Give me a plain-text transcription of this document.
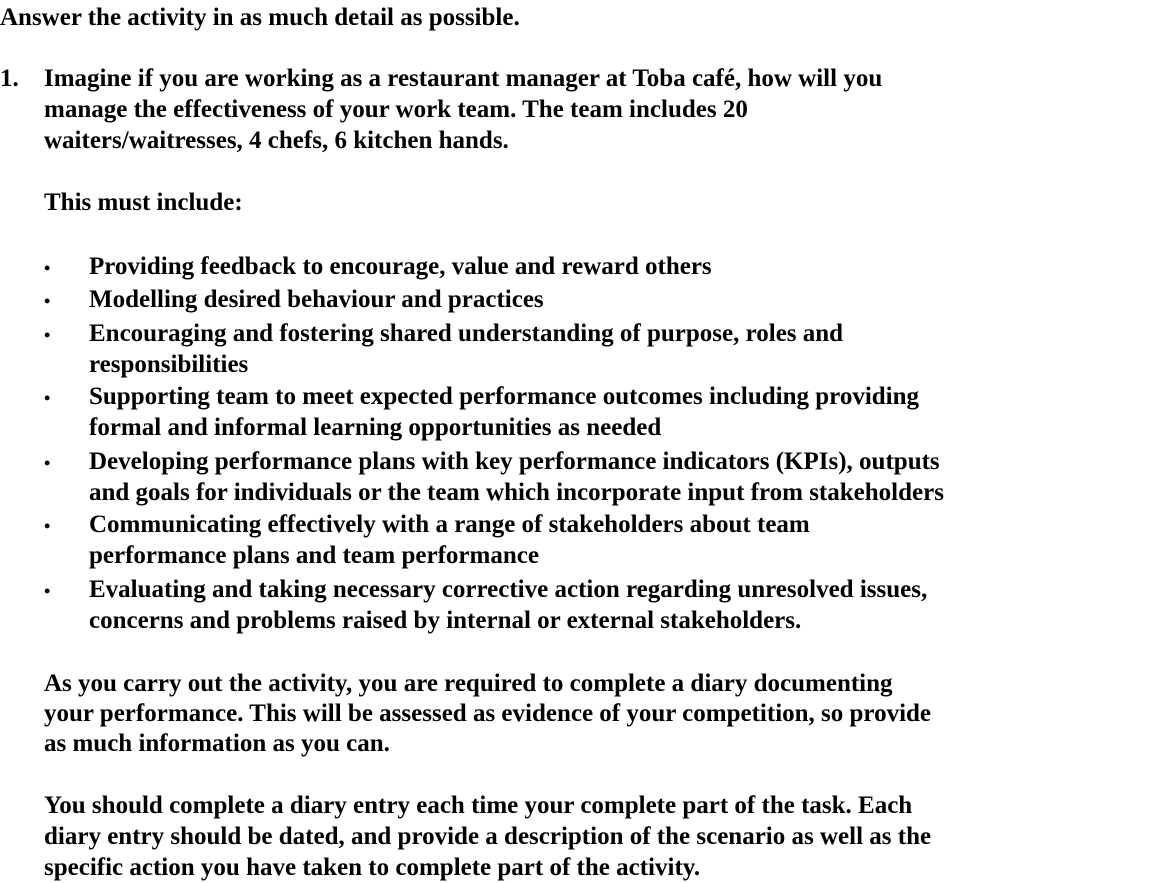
Answer the activity in as much detail as possible.
1. Imagine if you are working as a restaurant manager at Toba café, how will you
manage the effectiveness of your work team. The team includes 20
waiters/waitresses, 4 chefs, 6 kitchen hands.
This must include:
• Providing feedback to encourage, value and reward others
• Modelling desired behaviour and practices
• Encouraging and fostering shared understanding of purpose, roles and
responsibilities
• Supporting team to meet expected performance outcomes including providing
formal and informal learning opportunities as needed
• Developing performance plans with key performance indicators (KPIs), outputs
and goals for individuals or the team which incorporate input from stakeholders
• Communicating effectively with a range of stakeholders about team
performance plans and team performance
• Evaluating and taking necessary corrective action regarding unresolved issues,
concerns and problems raised by internal or external stakeholders.
As you carry out the activity, you are required to complete a diary documenting
your performance. This will be assessed as evidence of your competition, so provide
as much information as you can.
You should complete a diary entry each time your complete part of the task. Each
diary entry should be dated, and provide a description of the scenario as well as the
specific action you have taken to complete part of the activity.
